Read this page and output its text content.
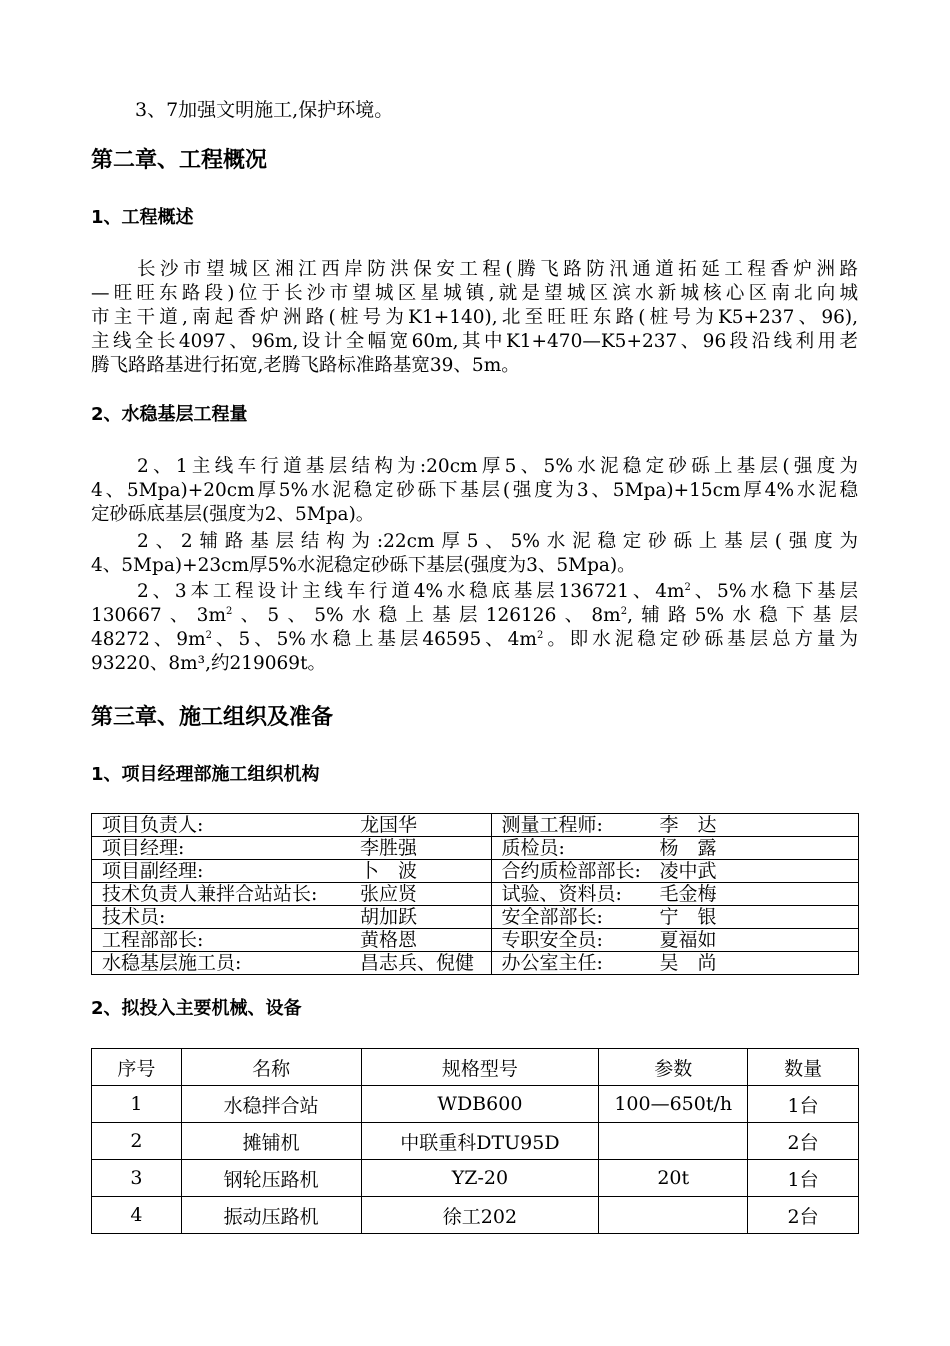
3、7加强文明施工,保护环境。
第二章、工程概况
1、工程概述
长沙市望城区湘江西岸防洪保安工程(腾飞路防汛通道拓延工程香炉洲路
—旺旺东路段)位于长沙市望城区星城镇,就是望城区滨水新城核心区南北向城
市主干道,南起香炉洲路(桩号为K1+140),北至旺旺东路(桩号为K5+237、96),
主线全长4097、96m,设计全幅宽60m,其中K1+470—K5+237、96段沿线利用老
腾飞路路基进行拓宽,老腾飞路标准路基宽39、5m。
2、水稳基层工程量
2、1主线车行道基层结构为:20cm厚5、5%水泥稳定砂砾上基层(强度为
4、5Mpa)+20cm厚5%水泥稳定砂砾下基层(强度为3、5Mpa)+15cm厚4%水泥稳
定砂砾底基层(强度为2、5Mpa)。
2、2辅路基层结构为:22cm厚5、5%水泥稳定砂砾上基层(强度为
4、5Mpa)+23cm厚5%水泥稳定砂砾下基层(强度为3、5Mpa)。
2、3本工程设计主线车行道4%水稳底基层136721、$4m^2$、5%水稳下基层
130667、$3m^2$、5、5%水稳上基层126126、$8m^2$,辅路5%水稳下基层
48272、$9m^2$、5、5%水稳上基层46595、$4m^2$。即水泥稳定砂砾基层总方量为
93220、8m³,约219069t。
第三章、施工组织及准备
1、项目经理部施工组织机构
项目负责人: 龙国华	测量工程师: 李　达

项目经理: 李胜强	质检员: 杨　露

项目副经理: 卜　波	合约质检部部长: 凌中武

技术负责人兼拌合站站长: 张应贤	试验、资料员: 毛金梅

技术员: 胡加跃	安全部部长: 宁　银

工程部部长: 黄格恩	专职安全员: 夏福如

水稳基层施工员: 昌志兵、倪健	办公室主任: 吴　尚
2、拟投入主要机械、设备
序号	名称	规格型号	参数	数量
1	水稳拌合站	WDB600	100—650t/h	1台
2	摊铺机	中联重科DTU95D		2台
3	钢轮压路机	YZ-20	20t	1台
4	振动压路机	徐工202		2台
